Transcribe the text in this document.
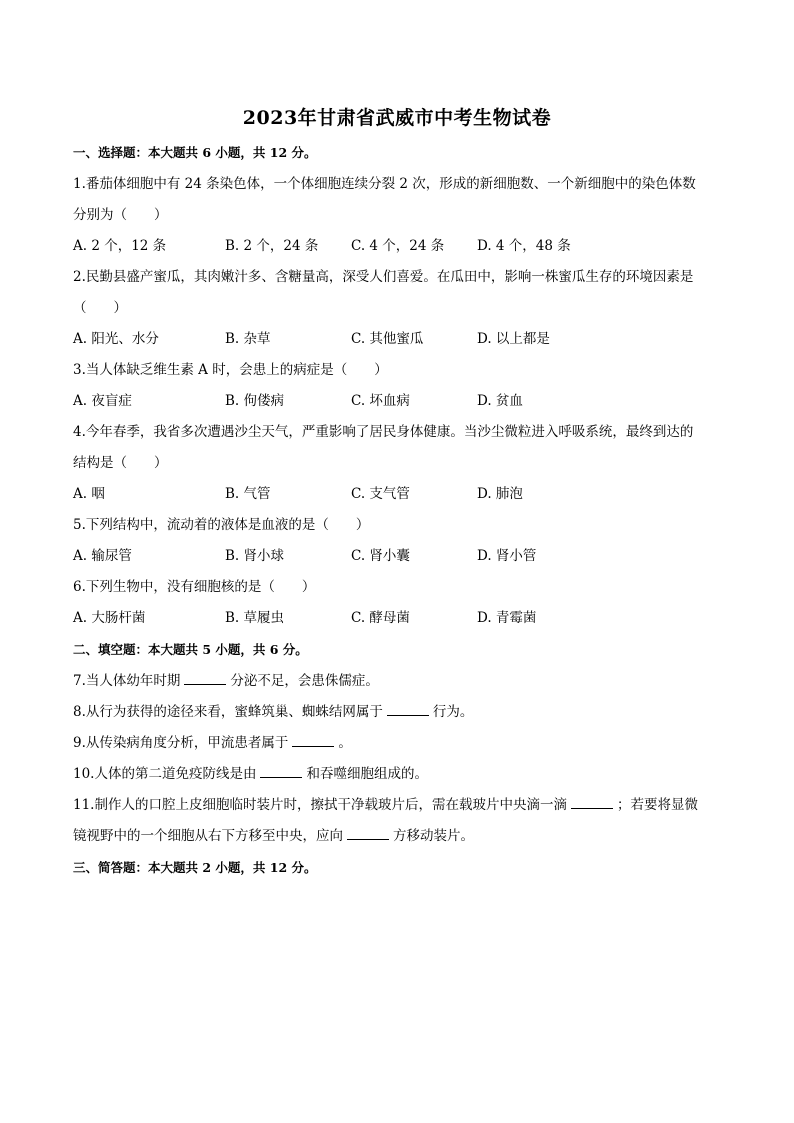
2023年甘肃省武威市中考生物试卷

一、选择题：本大题共 6 小题，共 12 分。

1.番茄体细胞中有 24 条染色体，一个体细胞连续分裂 2 次，形成的新细胞数、一个新细胞中的染色体数

分别为（　　）

A. 2 个，12 条	B. 2 个，24 条	C. 4 个，24 条	D. 4 个，48 条

2.民勤县盛产蜜瓜，其肉嫩汁多、含糖量高，深受人们喜爱。在瓜田中，影响一株蜜瓜生存的环境因素是

（　　）

A. 阳光、水分	B. 杂草	C. 其他蜜瓜	D. 以上都是

3.当人体缺乏维生素 A 时，会患上的病症是（　　）

A. 夜盲症	B. 佝偻病	C. 坏血病	D. 贫血

4.今年春季，我省多次遭遇沙尘天气，严重影响了居民身体健康。当沙尘微粒进入呼吸系统，最终到达的

结构是（　　）

A. 咽	B. 气管	C. 支气管	D. 肺泡

5.下列结构中，流动着的液体是血液的是（　　）

A. 输尿管	B. 肾小球	C. 肾小囊	D. 肾小管

6.下列生物中，没有细胞核的是（　　）

A. 大肠杆菌	B. 草履虫	C. 酵母菌	D. 青霉菌

二、填空题：本大题共 5 小题，共 6 分。

7.当人体幼年时期	分泌不足，会患侏儒症。

8.从行为获得的途径来看，蜜蜂筑巢、蜘蛛结网属于	行为。

9.从传染病角度分析，甲流患者属于	。

10.人体的第二道免疫防线是由	和吞噬细胞组成的。

11.制作人的口腔上皮细胞临时装片时，擦拭干净载玻片后，需在载玻片中央滴一滴	；若要将显微

镜视野中的一个细胞从右下方移至中央，应向	方移动装片。

三、简答题：本大题共 2 小题，共 12 分。
